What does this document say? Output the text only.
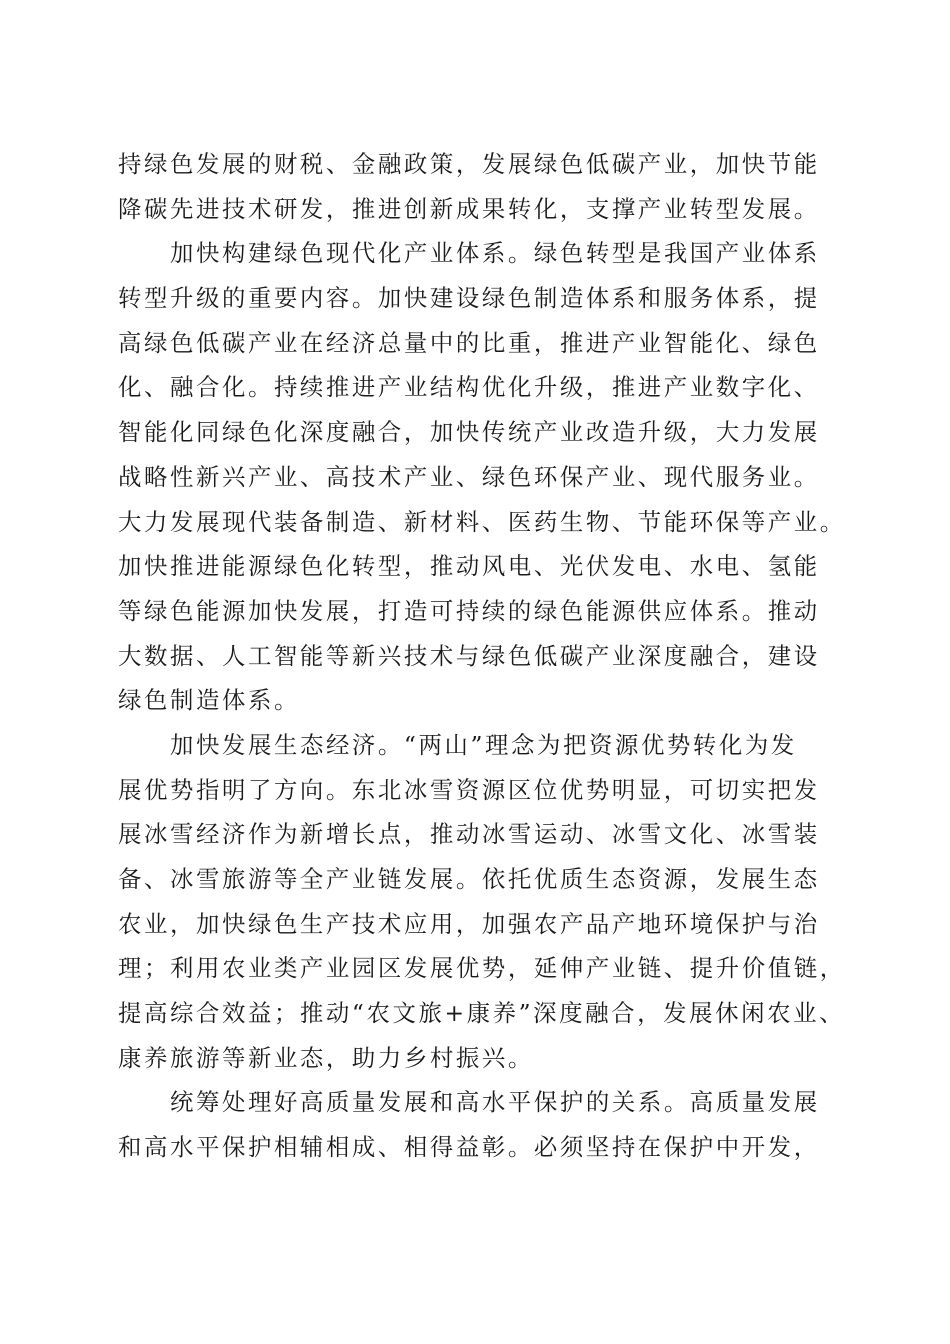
持绿色发展的财税、金融政策，发展绿色低碳产业，加快节能
降碳先进技术研发，推进创新成果转化，支撑产业转型发展。
加快构建绿色现代化产业体系。绿色转型是我国产业体系
转型升级的重要内容。加快建设绿色制造体系和服务体系，提
高绿色低碳产业在经济总量中的比重，推进产业智能化、绿色
化、融合化。持续推进产业结构优化升级，推进产业数字化、
智能化同绿色化深度融合，加快传统产业改造升级，大力发展
战略性新兴产业、高技术产业、绿色环保产业、现代服务业。
大力发展现代装备制造、新材料、医药生物、节能环保等产业。
加快推进能源绿色化转型，推动风电、光伏发电、水电、氢能
等绿色能源加快发展，打造可持续的绿色能源供应体系。推动
大数据、人工智能等新兴技术与绿色低碳产业深度融合，建设
绿色制造体系。
加快发展生态经济。“两山”理念为把资源优势转化为发
展优势指明了方向。东北冰雪资源区位优势明显，可切实把发
展冰雪经济作为新增长点，推动冰雪运动、冰雪文化、冰雪装
备、冰雪旅游等全产业链发展。依托优质生态资源，发展生态
农业，加快绿色生产技术应用，加强农产品产地环境保护与治
理；利用农业类产业园区发展优势，延伸产业链、提升价值链，
提高综合效益；推动“农文旅+康养”深度融合，发展休闲农业、
康养旅游等新业态，助力乡村振兴。
统筹处理好高质量发展和高水平保护的关系。高质量发展
和高水平保护相辅相成、相得益彰。必须坚持在保护中开发，
